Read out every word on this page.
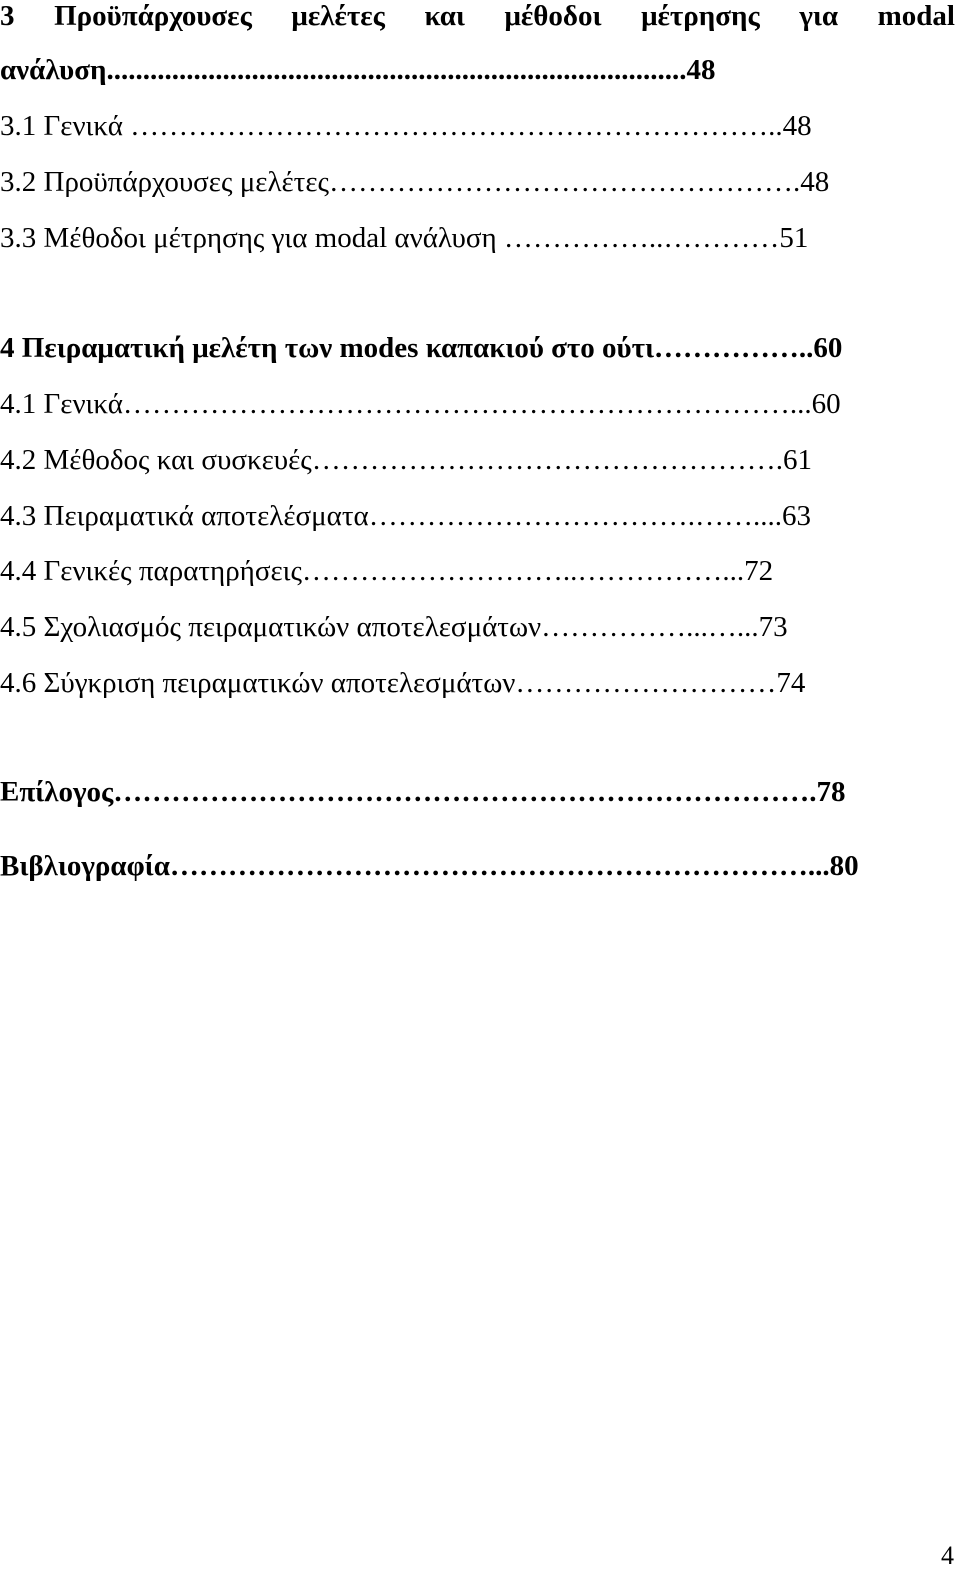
3 Προϋπάρχουσες μελέτες και μέθοδοι μέτρησης για modal
ανάλυση................................................................................48
3.1 Γενικά …………………………………………………………..48
3.2 Προϋπάρχουσες μελέτες………………………………………….48
3.3 Μέθοδοι μέτρησης για modal ανάλυση ……………..…………51
4 Πειραματική μελέτη των modes καπακιού στο ούτι……………..60
4.1 Γενικά……………………………………………………………...60
4.2 Μέθοδος και συσκευές………………………………………….61
4.3 Πειραματικά αποτελέσματα…………………………….……....63
4.4 Γενικές παρατηρήσεις………………………..……………...72
4.5 Σχολιασμός πειραματικών αποτελεσμάτων……………...…...73
4.6 Σύγκριση πειραματικών αποτελεσμάτων………………………74
Επίλογος……………………………………………………………….78
Βιβλιογραφία…………………………………………………………...80
4
